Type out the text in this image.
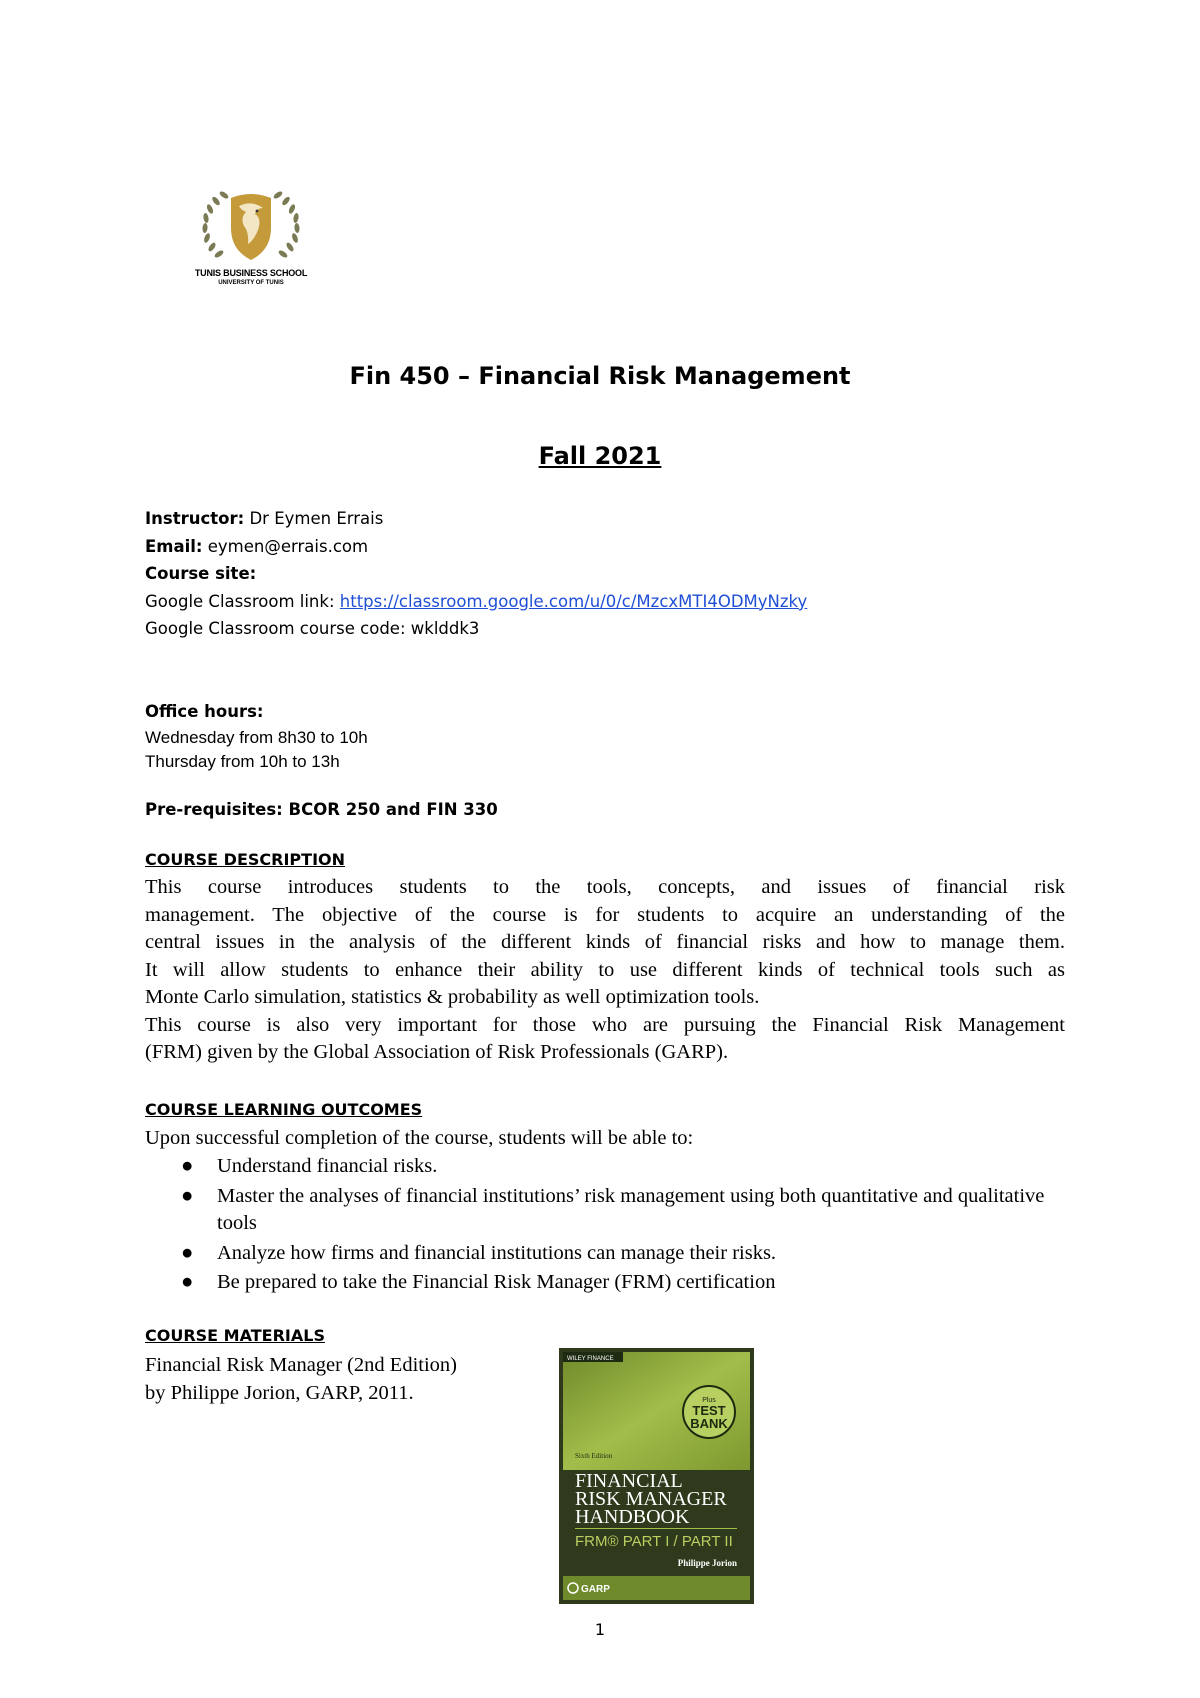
TUNIS BUSINESS SCHOOL
UNIVERSITY OF TUNIS
Fin 450 – Financial Risk Management
Fall 2021
Instructor: Dr Eymen Errais
Email: eymen@errais.com
Course site:
Google Classroom link: https://classroom.google.com/u/0/c/MzcxMTI4ODMyNzky
Google Classroom course code: wklddk3
Office hours:
Wednesday from 8h30 to 10h
Thursday from 10h to 13h
Pre-requisites: BCOR 250 and FIN 330
COURSE DESCRIPTION
This course introduces students to the tools, concepts, and issues of financial risk
management. The objective of the course is for students to acquire an understanding of the
central issues in the analysis of the different kinds of financial risks and how to manage them.
It will allow students to enhance their ability to use different kinds of technical tools such as
Monte Carlo simulation, statistics & probability as well optimization tools.
This course is also very important for those who are pursuing the Financial Risk Management
(FRM) given by the Global Association of Risk Professionals (GARP).
COURSE LEARNING OUTCOMES
Upon successful completion of the course, students will be able to:
● Understand financial risks.
● Master the analyses of financial institutions’ risk management using both quantitative and qualitative tools
● Analyze how firms and financial institutions can manage their risks.
● Be prepared to take the Financial Risk Manager (FRM) certification
COURSE MATERIALS
Financial Risk Manager (2nd Edition)
by Philippe Jorion, GARP, 2011.
WILEY FINANCE
Plus
TEST
BANK
Sixth Edition
FINANCIAL
RISK MANAGER
HANDBOOK
FRM® PART I / PART II
Philippe Jorion
GARP
1
